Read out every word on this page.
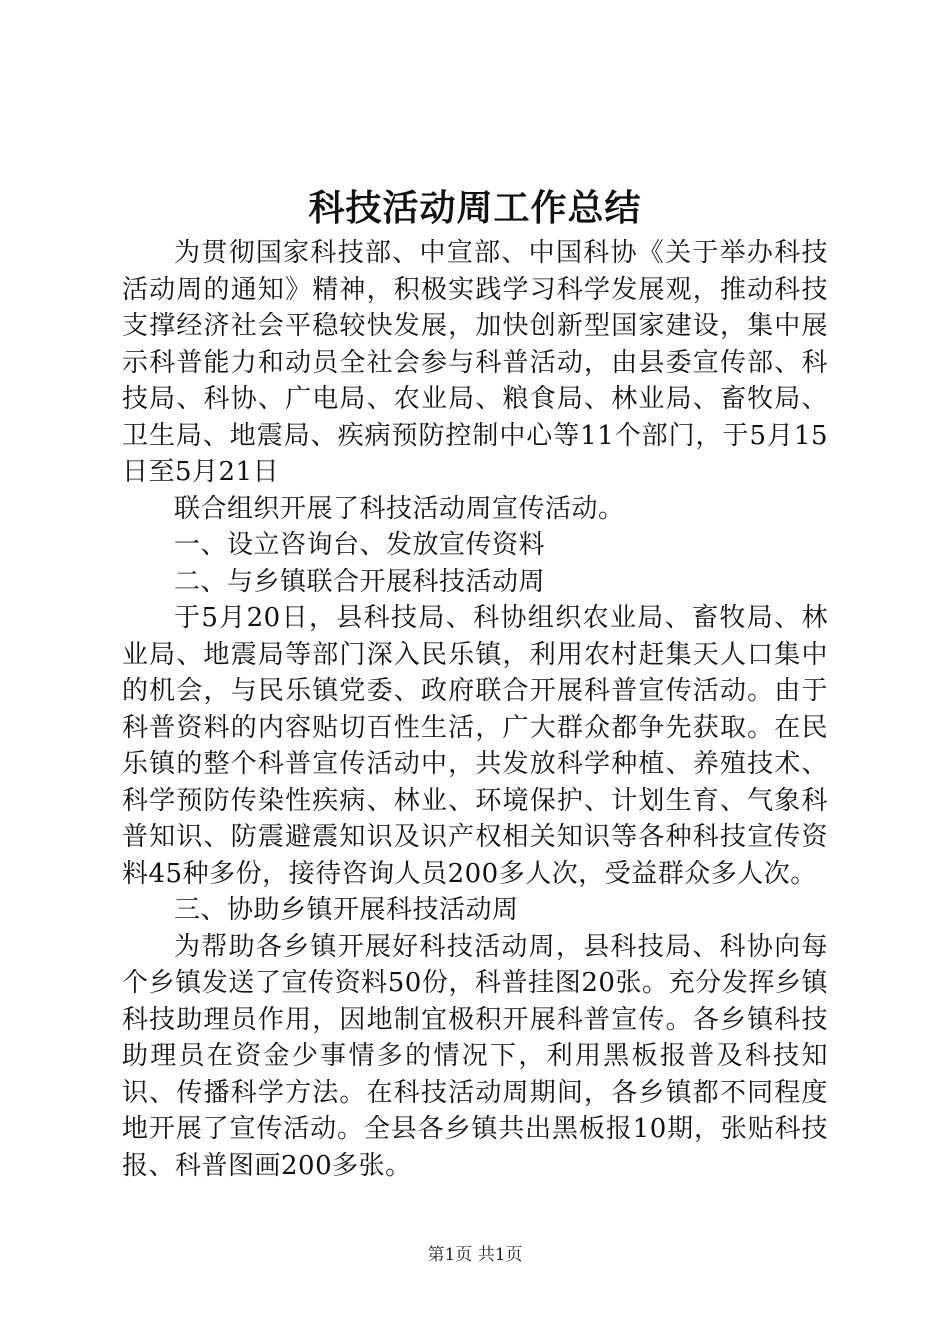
科技活动周工作总结

为贯彻国家科技部、中宣部、中国科协《关于举办科技活动周的通知》精神，积极实践学习科学发展观，推动科技支撑经济社会平稳较快发展，加快创新型国家建设，集中展示科普能力和动员全社会参与科普活动，由县委宣传部、科技局、科协、广电局、农业局、粮食局、林业局、畜牧局、卫生局、地震局、疾病预防控制中心等11个部门，于5月15日至5月21日

联合组织开展了科技活动周宣传活动。

一、设立咨询台、发放宣传资料

二、与乡镇联合开展科技活动周

于5月20日，县科技局、科协组织农业局、畜牧局、林业局、地震局等部门深入民乐镇，利用农村赶集天人口集中的机会，与民乐镇党委、政府联合开展科普宣传活动。由于科普资料的内容贴切百性生活，广大群众都争先获取。在民乐镇的整个科普宣传活动中，共发放科学种植、养殖技术、科学预防传染性疾病、林业、环境保护、计划生育、气象科普知识、防震避震知识及识产权相关知识等各种科技宣传资料45种多份，接待咨询人员200多人次，受益群众多人次。

三、协助乡镇开展科技活动周

为帮助各乡镇开展好科技活动周，县科技局、科协向每个乡镇发送了宣传资料50份，科普挂图20张。充分发挥乡镇科技助理员作用，因地制宜极积开展科普宣传。各乡镇科技助理员在资金少事情多的情况下，利用黑板报普及科技知识、传播科学方法。在科技活动周期间，各乡镇都不同程度地开展了宣传活动。全县各乡镇共出黑板报10期，张贴科技报、科普图画200多张。

第1页 共1页
